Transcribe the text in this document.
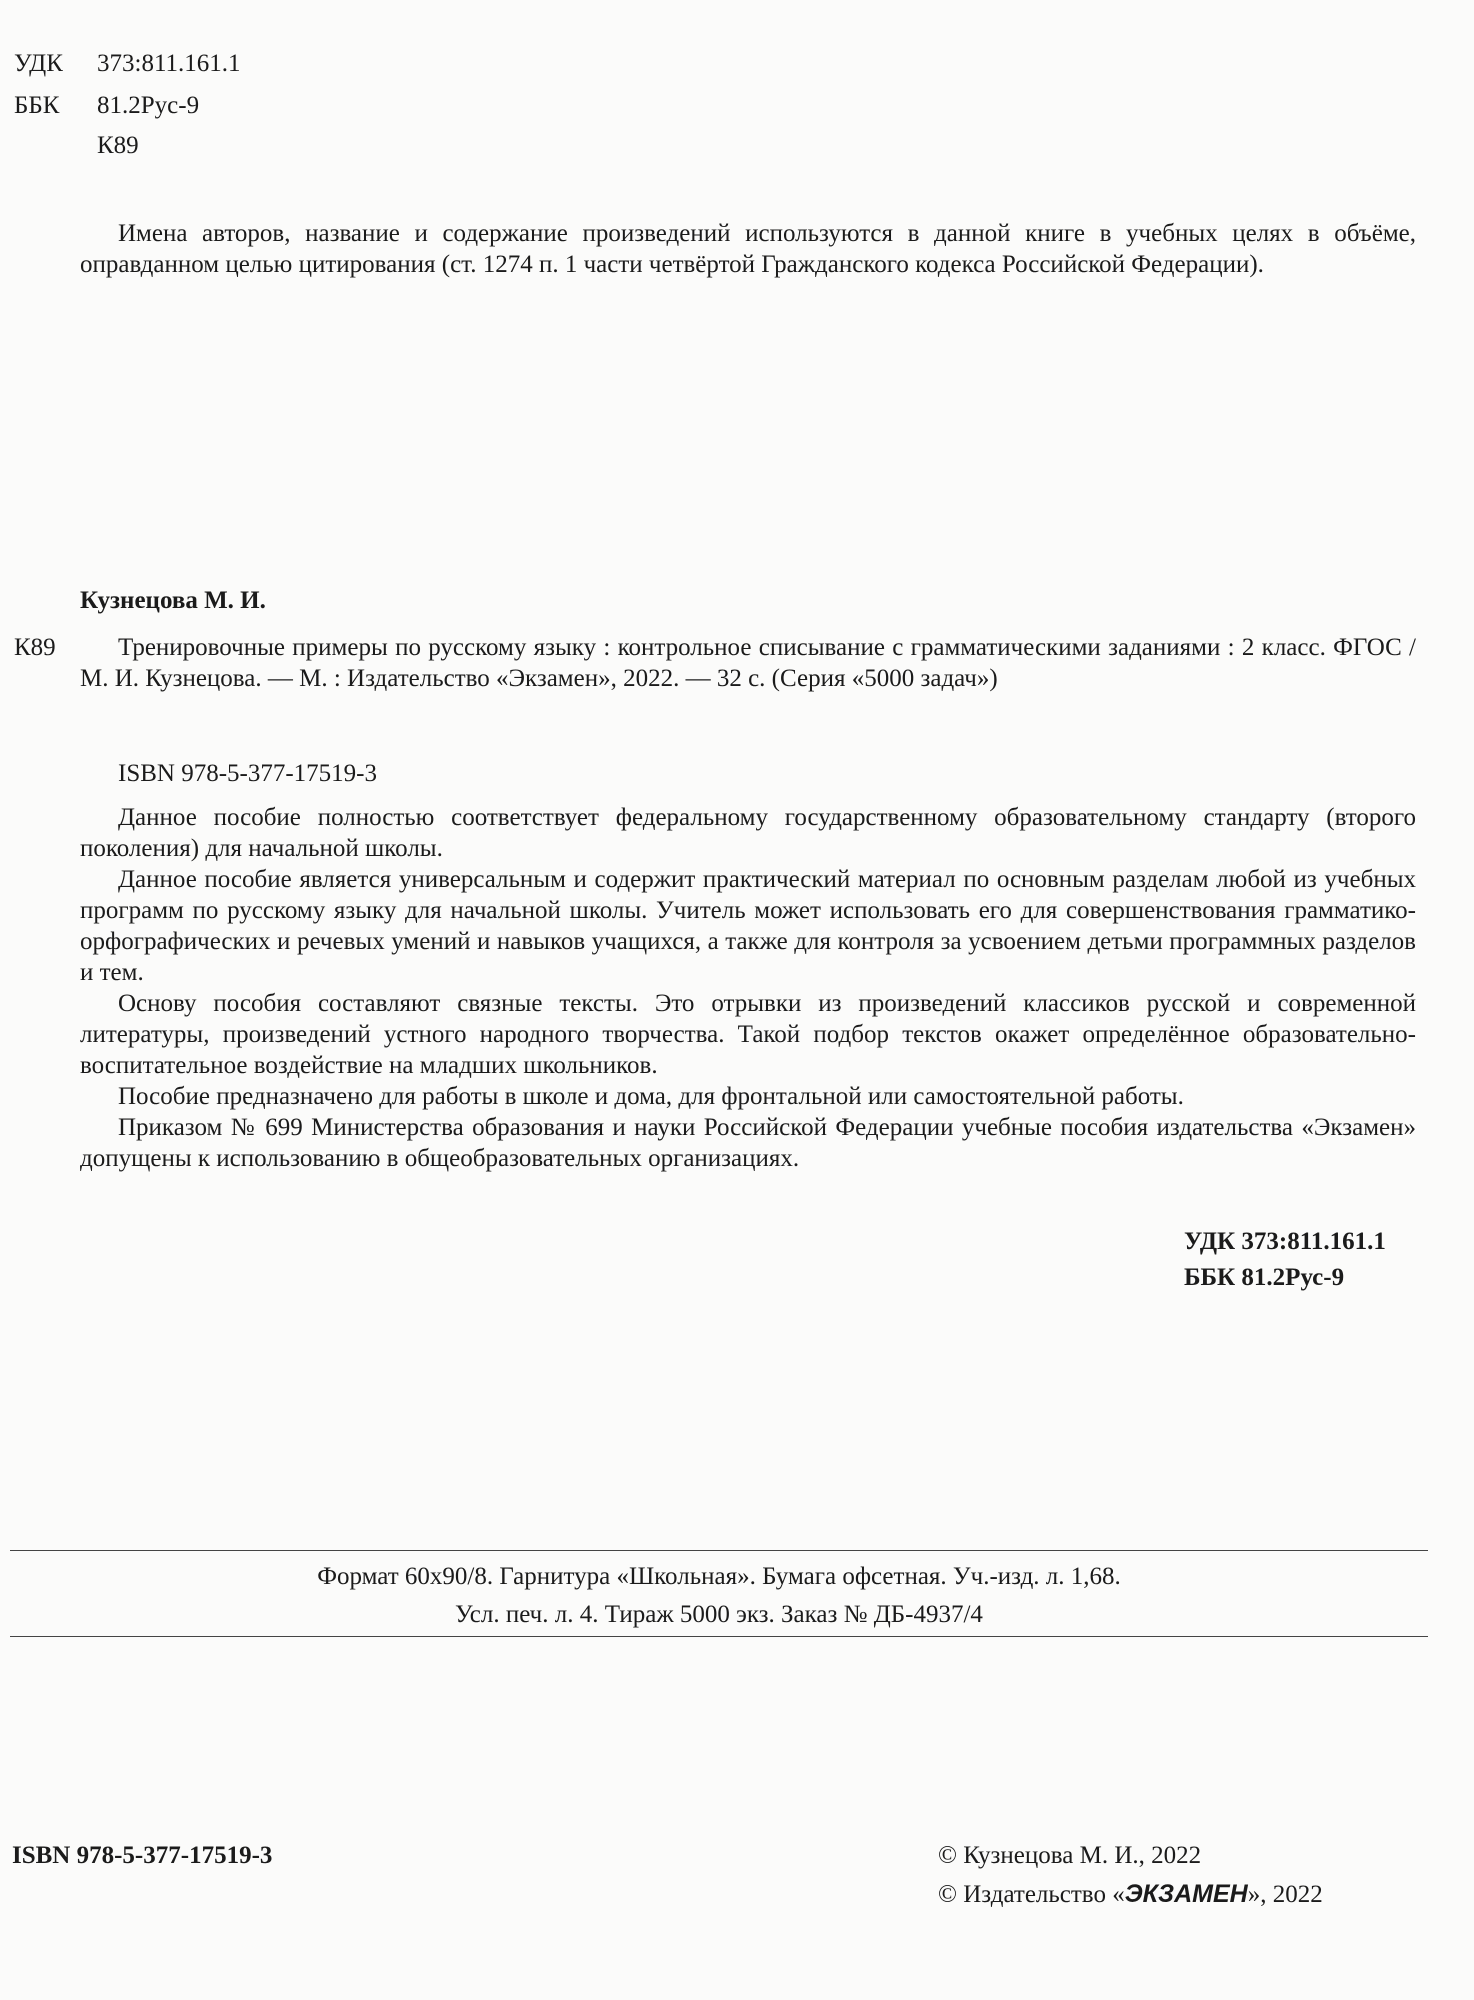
УДК 373:811.161.1
ББК 81.2Рус-9
К89
Имена авторов, название и содержание произведений используются в данной книге в учебных целях в объёме, оправданном целью цитирования (ст. 1274 п. 1 части четвёртой Гражданского кодекса Российской Федерации).
Кузнецова М. И.
К89	Тренировочные примеры по русскому языку : контрольное списывание с грамматическими заданиями : 2 класс. ФГОС / М. И. Кузнецова. — М. : Издательство «Экзамен», 2022. — 32 с. (Серия «5000 задач»)
ISBN 978-5-377-17519-3

Данное пособие полностью соответствует федеральному государственному образовательному стандарту (второго поколения) для начальной школы.

Данное пособие является универсальным и содержит практический материал по основным разделам любой из учебных программ по русскому языку для начальной школы. Учитель может использовать его для совершенствования грамматико-орфографических и речевых умений и навыков учащихся, а также для контроля за усвоением детьми программных разделов и тем.

Основу пособия составляют связные тексты. Это отрывки из произведений классиков русской и современной литературы, произведений устного народного творчества. Такой подбор текстов окажет определённое образовательно-воспитательное воздействие на младших школьников.

Пособие предназначено для работы в школе и дома, для фронтальной или самостоятельной работы.

Приказом № 699 Министерства образования и науки Российской Федерации учебные пособия издательства «Экзамен» допущены к использованию в общеобразовательных организациях.

УДК 373:811.161.1
ББК 81.2Рус-9
Формат 60x90/8. Гарнитура «Школьная». Бумага офсетная. Уч.-изд. л. 1,68.
Усл. печ. л. 4. Тираж 5000 экз. Заказ № ДБ-4937/4
ISBN 978-5-377-17519-3	© Кузнецова М. И., 2022
© Издательство «ЭКЗАМЕН», 2022
